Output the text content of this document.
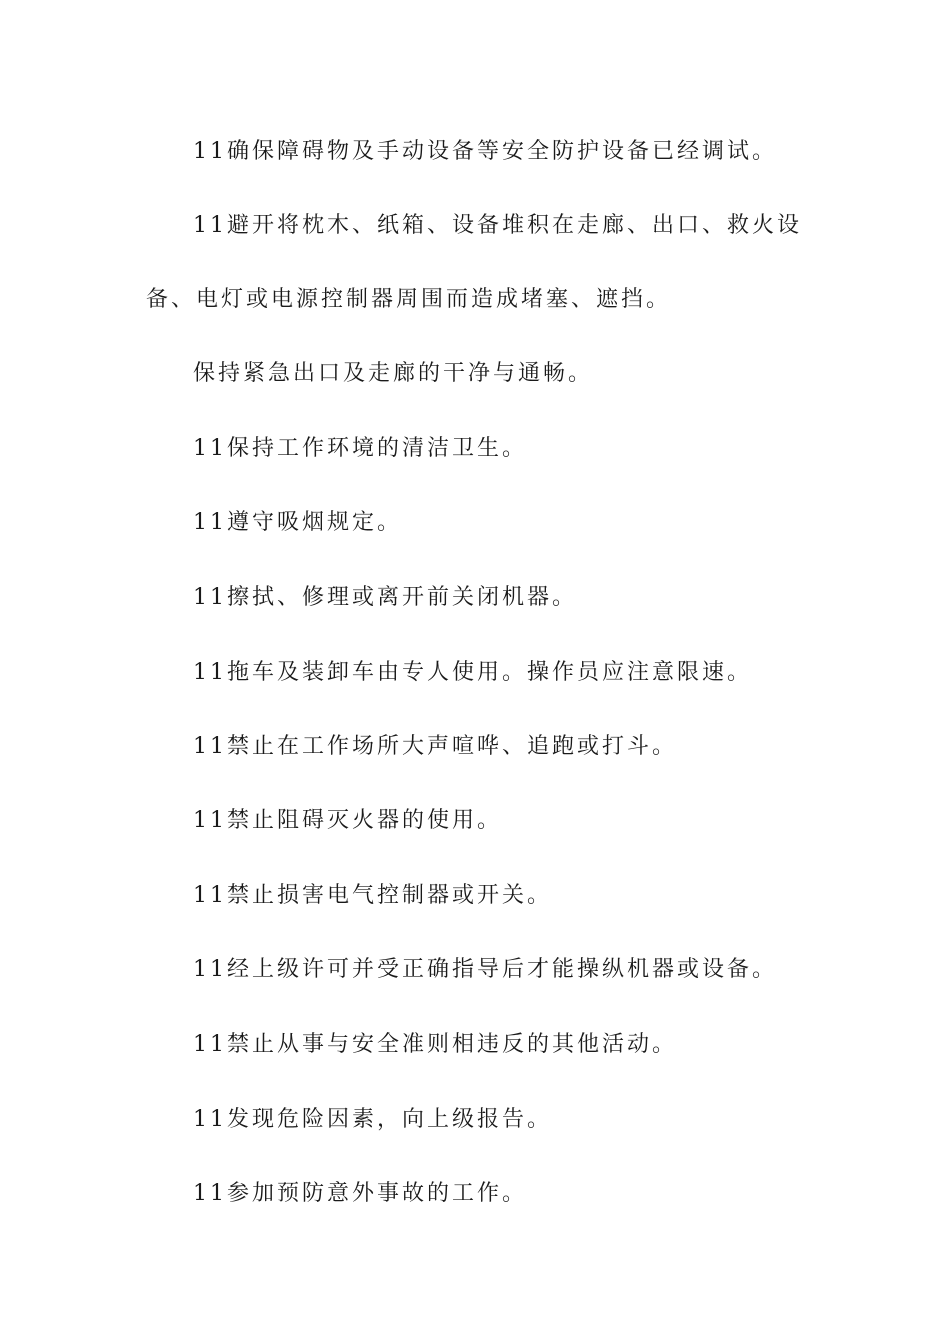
11确保障碍物及手动设备等安全防护设备已经调试。

11避开将枕木、纸箱、设备堆积在走廊、出口、救火设备、电灯或电源控制器周围而造成堵塞、遮挡。

保持紧急出口及走廊的干净与通畅。

11保持工作环境的清洁卫生。

11遵守吸烟规定。

11擦拭、修理或离开前关闭机器。

11拖车及装卸车由专人使用。操作员应注意限速。

11禁止在工作场所大声喧哗、追跑或打斗。

11禁止阻碍灭火器的使用。

11禁止损害电气控制器或开关。

11经上级许可并受正确指导后才能操纵机器或设备。

11禁止从事与安全准则相违反的其他活动。

11发现危险因素，向上级报告。

11参加预防意外事故的工作。
